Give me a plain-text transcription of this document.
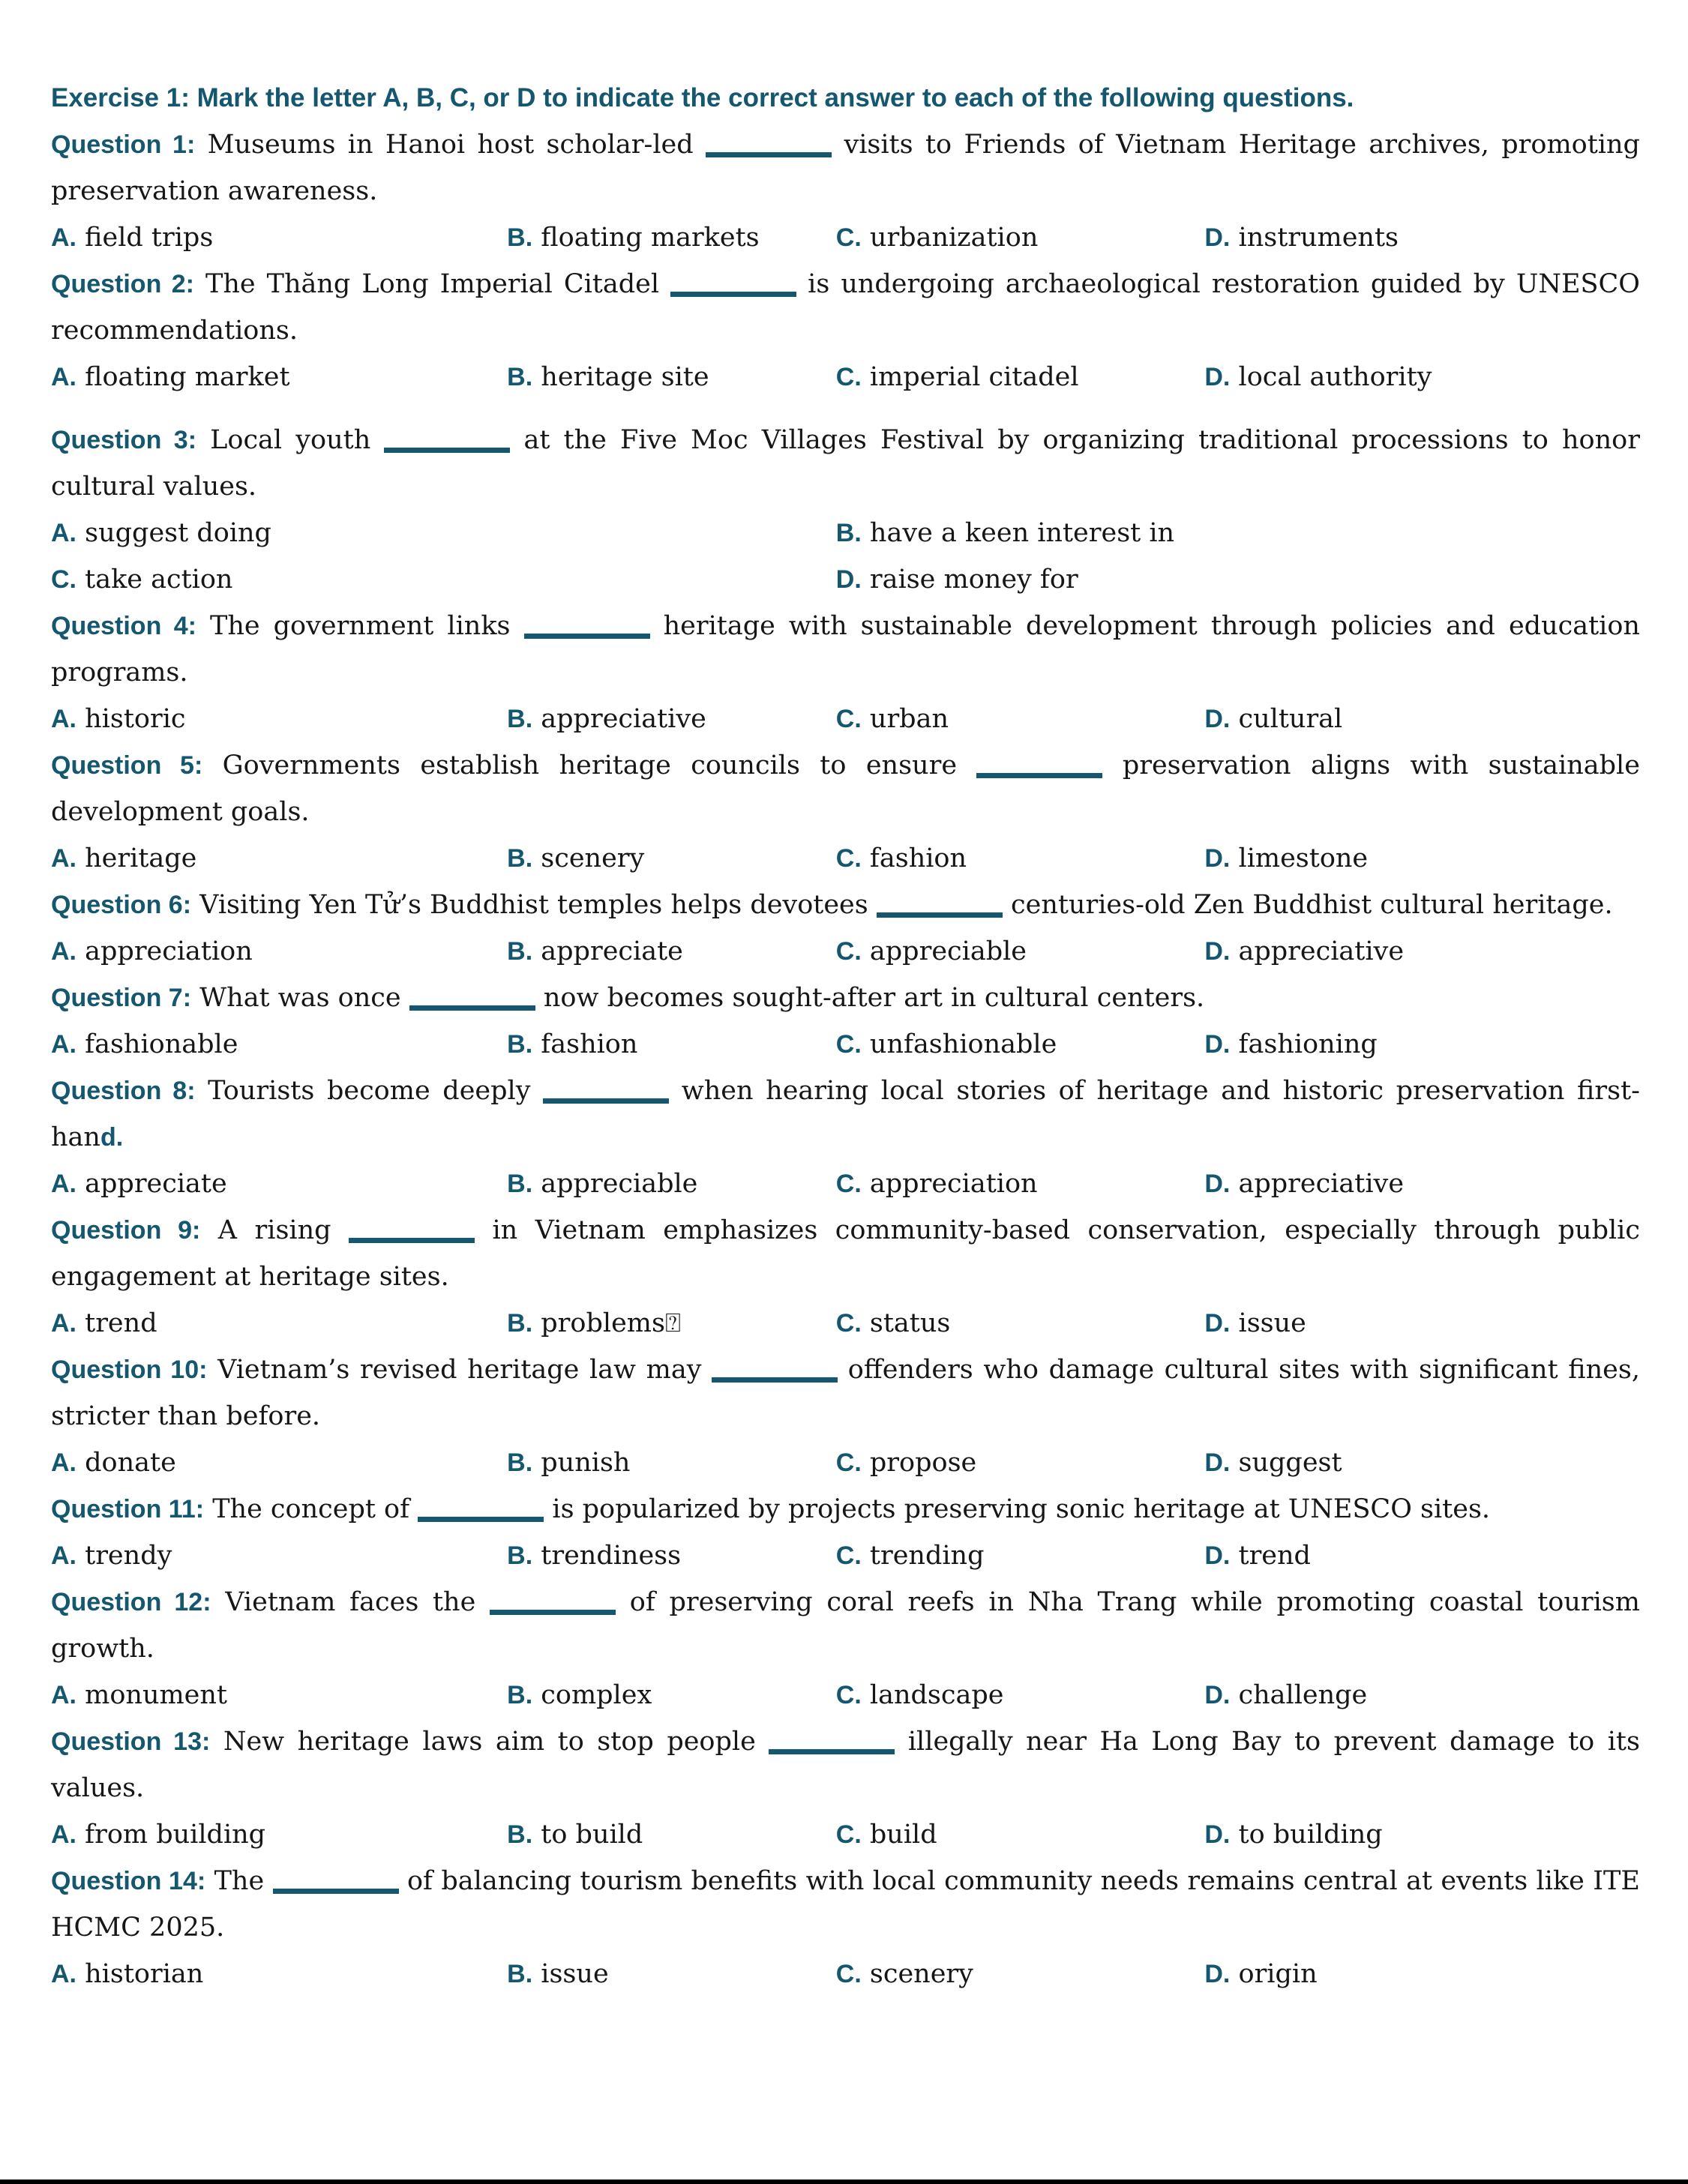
Exercise 1: Mark the letter A, B, C, or D to indicate the correct answer to each of the following questions.

Question 1: Museums in Hanoi host scholar-led	visits to Friends of Vietnam Heritage archives, promoting preservation awareness.

A. field trips	B. floating markets	C. urbanization	D. instruments

Question 2: The Thăng Long Imperial Citadel	is undergoing archaeological restoration guided by UNESCO recommendations.

A. floating market	B. heritage site	C. imperial citadel	D. local authority

Question 3: Local youth	at the Five Moc Villages Festival by organizing traditional processions to honor cultural values.

A. suggest doing	B. have a keen interest in
C. take action	D. raise money for

Question 4: The government links	heritage with sustainable development through policies and education programs.

A. historic	B. appreciative	C. urban	D. cultural

Question 5: Governments establish heritage councils to ensure	preservation aligns with sustainable development goals.

A. heritage	B. scenery	C. fashion	D. limestone

Question 6: Visiting Yen Tử’s Buddhist temples helps devotees	centuries-old Zen Buddhist cultural heritage.

A. appreciation	B. appreciate	C. appreciable	D. appreciative

Question 7: What was once	now becomes sought-after art in cultural centers.

A. fashionable	B. fashion	C. unfashionable	D. fashioning

Question 8: Tourists become deeply	when hearing local stories of heritage and historic preservation first-hand.

A. appreciate	B. appreciable	C. appreciation	D. appreciative

Question 9: A rising	in Vietnam emphasizes community-based conservation, especially through public engagement at heritage sites.

A. trend	B. problems⍰	C. status	D. issue

Question 10: Vietnam’s revised heritage law may	offenders who damage cultural sites with significant fines, stricter than before.

A. donate	B. punish	C. propose	D. suggest

Question 11: The concept of	is popularized by projects preserving sonic heritage at UNESCO sites.

A. trendy	B. trendiness	C. trending	D. trend

Question 12: Vietnam faces the	of preserving coral reefs in Nha Trang while promoting coastal tourism growth.

A. monument	B. complex	C. landscape	D. challenge

Question 13: New heritage laws aim to stop people	illegally near Ha Long Bay to prevent damage to its values.

A. from building	B. to build	C. build	D. to building

Question 14: The	of balancing tourism benefits with local community needs remains central at events like ITE HCMC 2025.

A. historian	B. issue	C. scenery	D. origin
